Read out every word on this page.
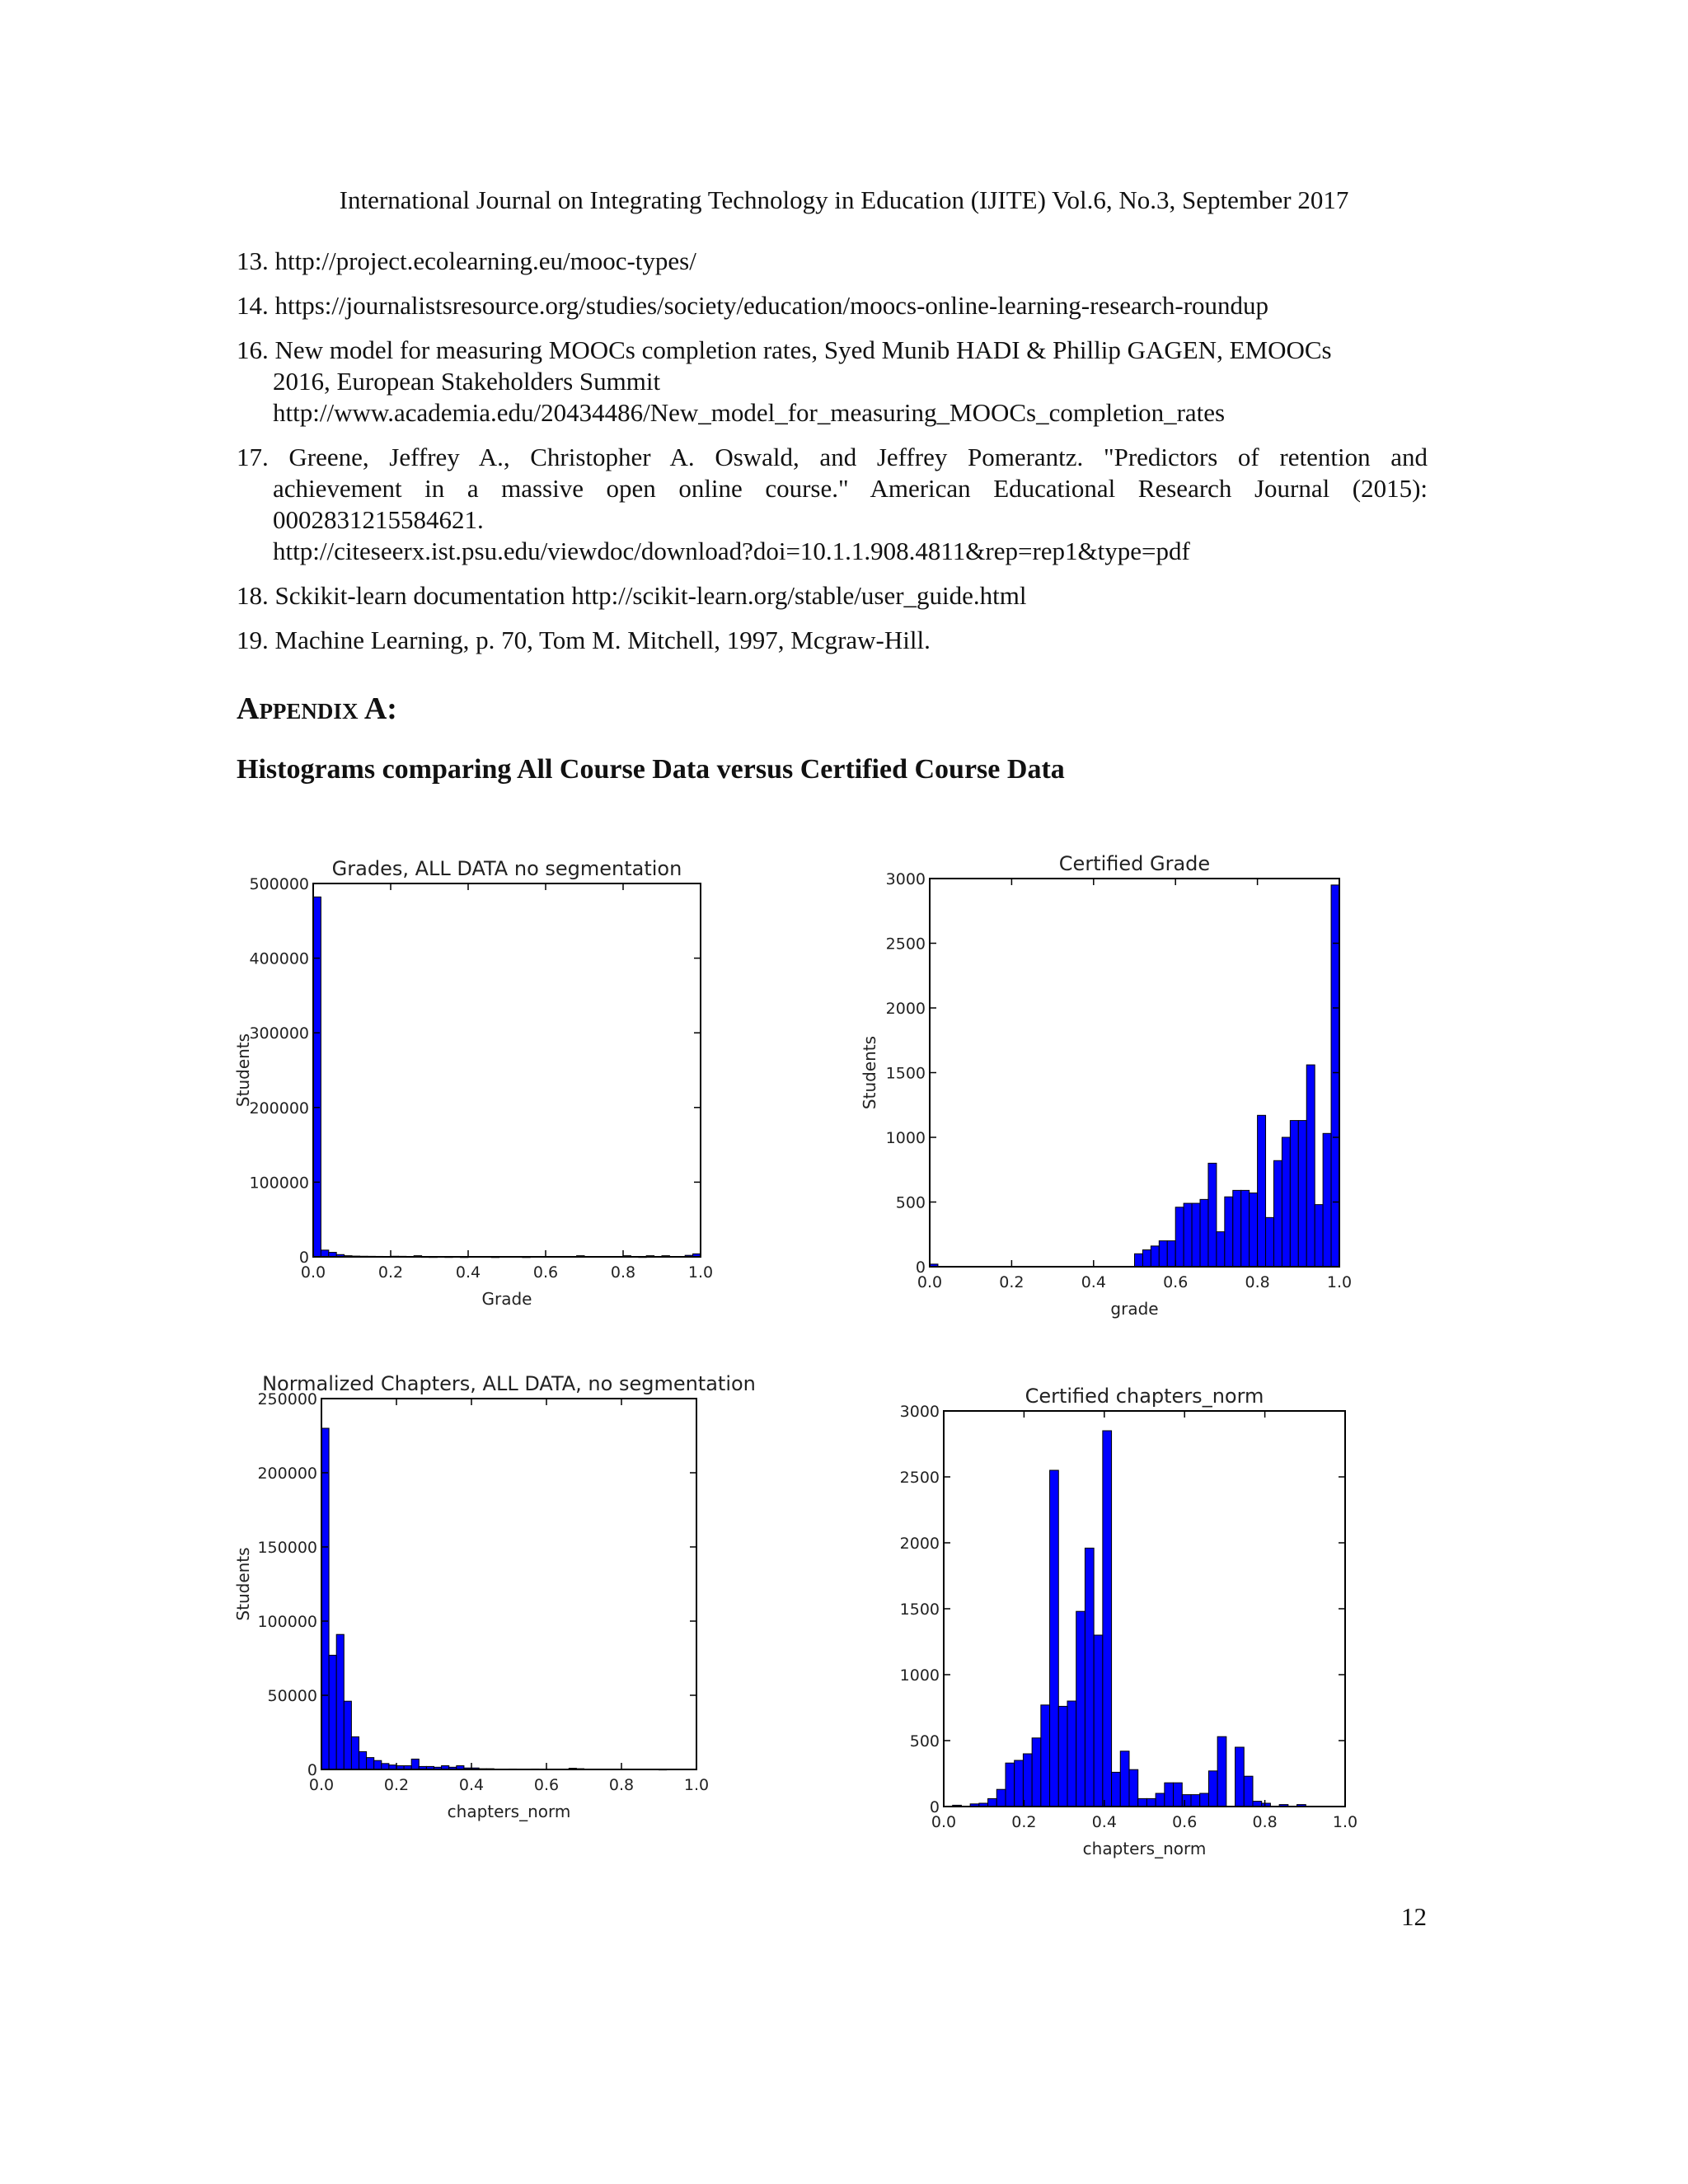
International Journal on Integrating Technology in Education (IJITE) Vol.6, No.3, September 2017

13. http://project.ecolearning.eu/mooc-types/
14. https://journalistsresource.org/studies/society/education/moocs-online-learning-research-roundup
16. New model for measuring MOOCs completion rates, Syed Munib HADI & Phillip GAGEN, EMOOCs
2016, European Stakeholders Summit
http://www.academia.edu/20434486/New_model_for_measuring_MOOCs_completion_rates
17. Greene, Jeffrey A., Christopher A. Oswald, and Jeffrey Pomerantz. "Predictors of retention and
achievement in a massive open online course." American Educational Research Journal (2015):
0002831215584621.
http://citeseerx.ist.psu.edu/viewdoc/download?doi=10.1.1.908.4811&rep=rep1&type=pdf
18. Sckikit-learn documentation http://scikit-learn.org/stable/user_guide.html
19. Machine Learning, p. 70, Tom M. Mitchell, 1997, Mcgraw-Hill.
Appendix A:
Histograms comparing All Course Data versus Certified Course Data
0.0	0.2	0.4	0.6	0.8	1.0
0
100000
200000
300000
400000
500000
Grades, ALL DATA no segmentation
Grade
Students
0.0	0.2	0.4	0.6	0.8	1.0
0
500
1000
1500
2000
2500
3000
Certified Grade
grade
Students
0.0	0.2	0.4	0.6	0.8	1.0
0
50000
100000
150000
200000
250000
Normalized Chapters, ALL DATA, no segmentation
chapters_norm
Students
0.0	0.2	0.4	0.6	0.8	1.0
0
500
1000
1500
2000
2500
3000
Certified chapters_norm
chapters_norm
12
